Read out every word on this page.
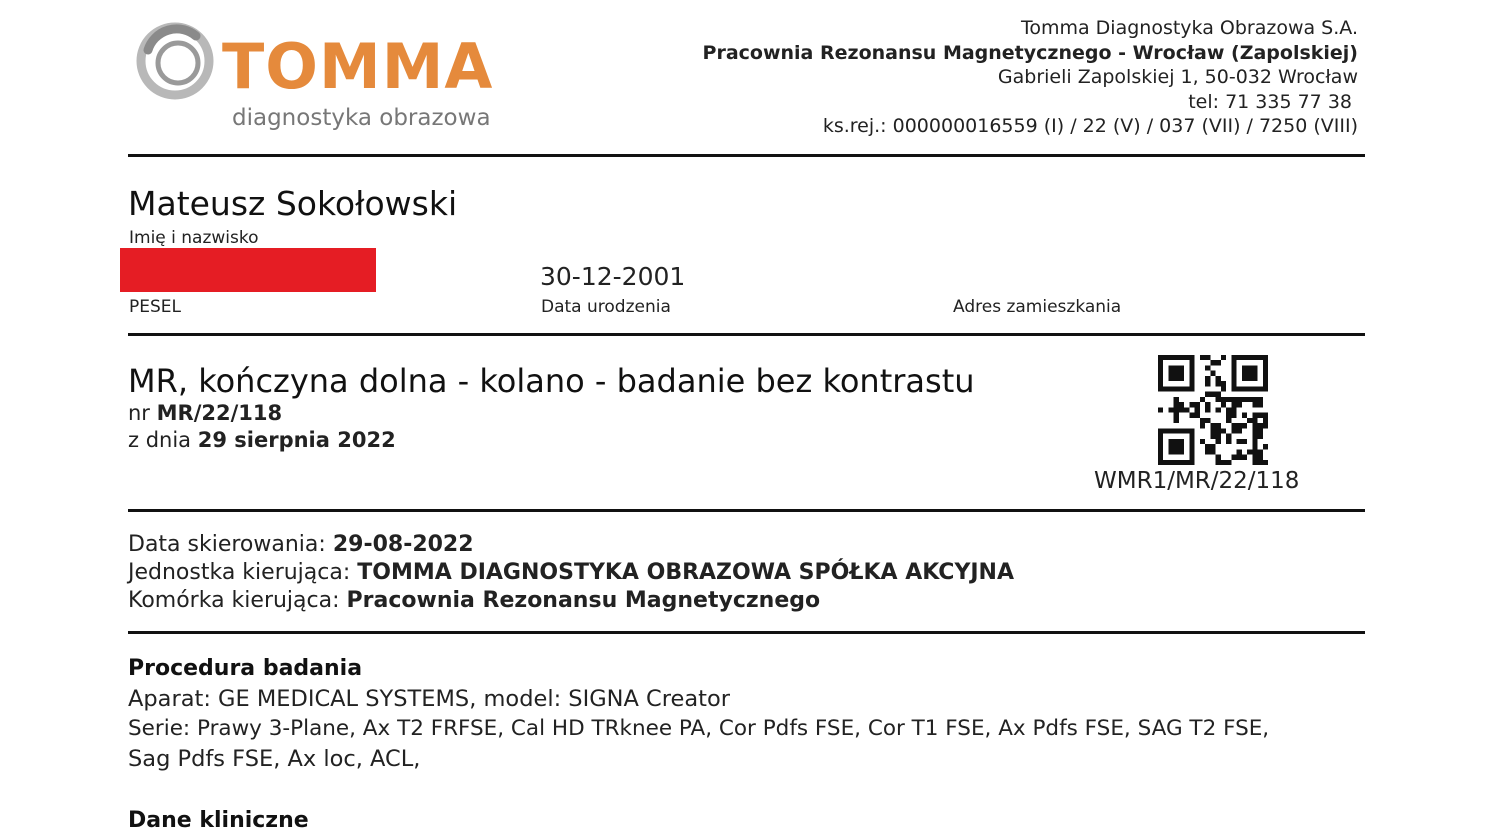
TOMMA
diagnostyka obrazowa
Tomma Diagnostyka Obrazowa S.A.
Pracownia Rezonansu Magnetycznego - Wrocław (Zapolskiej)
Gabrieli Zapolskiej 1, 50-032 Wrocław
tel: 71 335 77 38
ks.rej.: 000000016559 (I) / 22 (V) / 037 (VII) / 7250 (VIII)
Mateusz Sokołowski
Imię i nazwisko
30-12-2001
PESEL	Data urodzenia	Adres zamieszkania
MR, kończyna dolna - kolano - badanie bez kontrastu
nr MR/22/118
z dnia 29 sierpnia 2022
WMR1/MR/22/118
Data skierowania: 29-08-2022
Jednostka kierująca: TOMMA DIAGNOSTYKA OBRAZOWA SPÓŁKA AKCYJNA
Komórka kierująca: Pracownia Rezonansu Magnetycznego
Procedura badania
Aparat: GE MEDICAL SYSTEMS, model: SIGNA Creator
Serie: Prawy 3-Plane, Ax T2 FRFSE, Cal HD TRknee PA, Cor Pdfs FSE, Cor T1 FSE, Ax Pdfs FSE, SAG T2 FSE,
Sag Pdfs FSE, Ax loc, ACL,
Dane kliniczne
